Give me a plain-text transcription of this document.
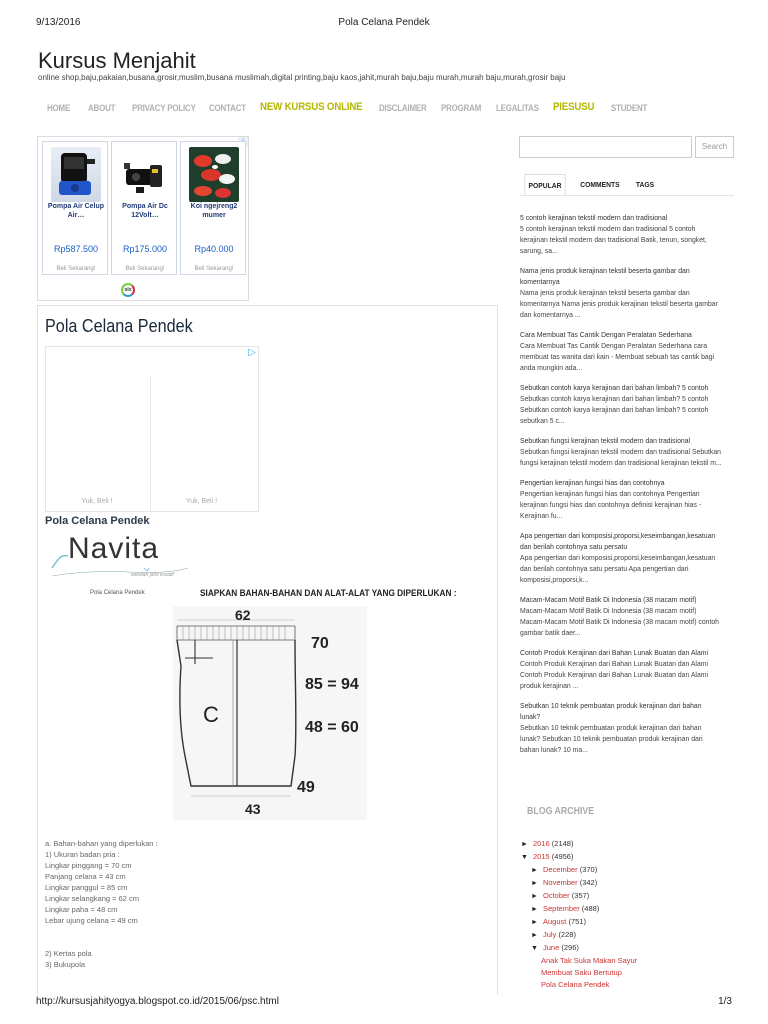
9/13/2016	Pola Celana Pendek
Kursus Menjahit
online shop,baju,pakaian,busana,grosir,muslim,busana muslimah,digital printing,baju kaos,jahit,murah baju,baju murah,murah baju,murah,grosir baju
HOME ABOUT PRIVACY POLICY CONTACT NEW KURSUS ONLINE DISCLAIMER PROGRAM LEGALITAS PIESUSU STUDENT
Pompa Air Celup Air…
Rp587.500
Beli Sekarang!
Pompa Air Dc 12Volt…
Rp175.000
Beli Sekarang!
Koi ngejreng2 mumer
Rp40.000
Beli Sekarang!
olx
Search
POPULAR	COMMENTS	TAGS
5 contoh kerajinan tekstil modern dan tradisional
5 contoh kerajinan tekstil modern dan tradisional 5 contoh kerajinan tekstil modern dan tradisional Batik, tenun, songket, sarung, sa...
Nama jenis produk kerajinan tekstil beserta gambar dan komentarnya
Nama jenis produk kerajinan tekstil beserta gambar dan komentarnya Nama jenis produk kerajinan tekstil beserta gambar dan komentarnya ...
Cara Membuat Tas Cantik Dengan Peralatan Sederhana
Cara Membuat Tas Cantik Dengan Peralatan Sederhana cara membuat tas wanita dari kain - Membuat sebuah tas cantik bagi anda mungkin ada...
Sebutkan contoh karya kerajinan dari bahan limbah? 5 contoh
Sebutkan contoh karya kerajinan dari bahan limbah? 5 contoh Sebutkan contoh karya kerajinan dari bahan limbah? 5 contoh sebutkan 5 c...
Sebutkan fungsi kerajinan tekstil modern dan tradisional
Sebutkan fungsi kerajinan tekstil modern dan tradisional Sebutkan fungsi kerajinan tekstil modern dan tradisional kerajinan tekstil m...
Pengertian kerajinan fungsi hias dan contohnya
Pengertian kerajinan fungsi hias dan contohnya Pengertian kerajinan fungsi hias dan contohnya definisi kerajinan hias - Kerajinan fu...
Apa pengertian dari komposisi,proporsi,keseimbangan,kesatuan dan berilah contohnya satu persatu
Apa pengertian dari komposisi,proporsi,keseimbangan,kesatuan dan berilah contohnya satu persatu Apa pengertian dari komposisi,proporsi,k...
Macam-Macam Motif Batik Di Indonesia (38 macam motif)
Macam-Macam Motif Batik Di Indonesia (38 macam motif) Macam-Macam Motif Batik Di Indonesia (38 macam motif) contoh gambar batik daer...
Contoh Produk Kerajinan dari Bahan Lunak Buatan dan Alami
Contoh Produk Kerajinan dari Bahan Lunak Buatan dan Alami Contoh Produk Kerajinan dari Bahan Lunak Buatan dan Alami produk kerajinan ...
Sebutkan 10 teknik pembuatan produk kerajinan dari bahan lunak?
Sebutkan 10 teknik pembuatan produk kerajinan dari bahan lunak? Sebutkan 10 teknik pembuatan produk kerajinan dari bahan lunak? 10 ma...
BLOG ARCHIVE
► 2016 (2148)
▼ 2015 (4956)
► December (370)
► November (342)
► October (357)
► September (488)
► August (751)
► July (228)
▼ June (296)
Anak Tak Suka Makan Sayur
Membuat Saku Bertutup
Pola Celana Pendek
Pola Celana Pendek
▷
Yuk, Beli !	Yuk, Beli !
Pola Celana Pendek
Navita
sekolah jahit kreatif
Pola Celana Pendek	SIAPKAN BAHAN-BAHAN DAN ALAT-ALAT YANG DIPERLUKAN :
62
70
85 = 94
48 = 60
49
43
C
a. Bahan-bahan yang diperlukan :
1) Ukuran badan pria :
Lingkar pinggang = 70 cm
Panjang celana = 43 cm
Lingkar panggul = 85 cm
Lingkar selangkang = 62 cm
Lingkar paha = 48 cm
Lebar ujung celana = 49 cm

2) Kertas pola
3) Bukupola
http://kursusjahityogya.blogspot.co.id/2015/06/psc.html	1/3
